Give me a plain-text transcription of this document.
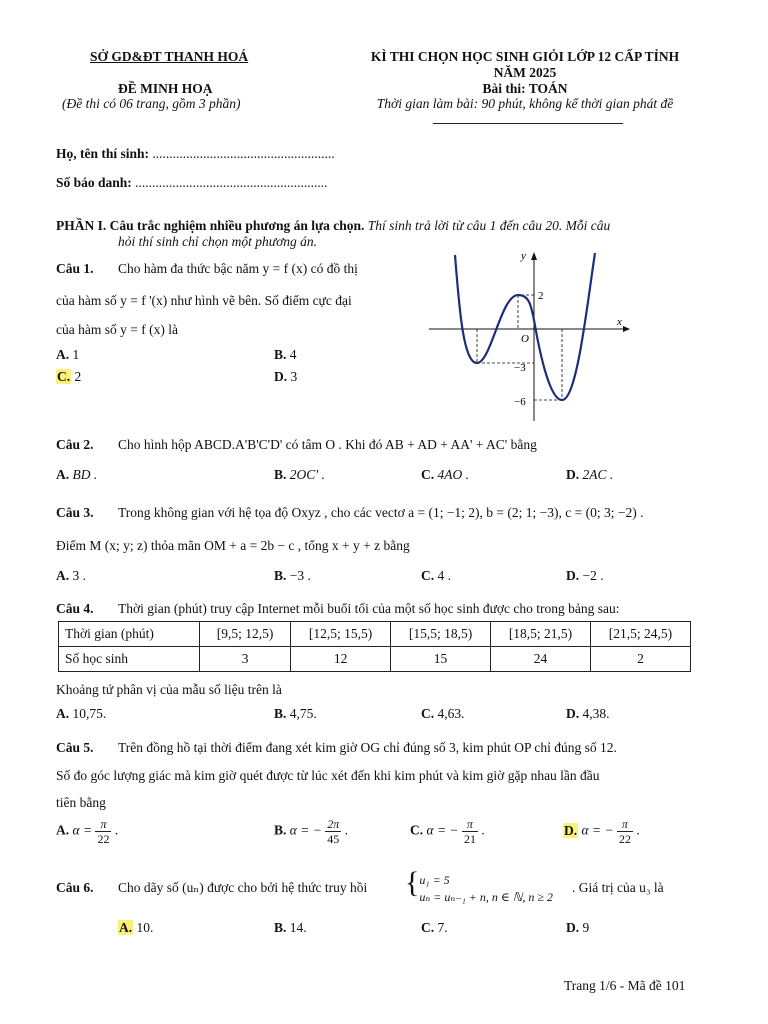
SỞ GD&ĐT THANH HOÁ
ĐỀ MINH HOẠ
(Đề thi có 06 trang, gồm 3 phần)
KÌ THI CHỌN HỌC SINH GIỎI LỚP 12 CẤP TỈNH
NĂM 2025
Bài thi: TOÁN
Thời gian làm bài: 90 phút, không kể thời gian phát đề
Họ, tên thí sinh: ......................................................
Số báo danh: .........................................................
PHẦN I. Câu trắc nghiệm nhiều phương án lựa chọn. Thí sinh trả lời từ câu 1 đến câu 20. Mỗi câu
hỏi thí sinh chỉ chọn một phương án.
Câu 1. Cho hàm đa thức bậc năm y = f (x) có đồ thị
của hàm số y = f '(x) như hình vẽ bên. Số điểm cực đại
của hàm số y = f (x) là
A. 1	B. 4
C. 2	D. 3
y
x
O
2
−3
−6
Câu 2. Cho hình hộp ABCD.A'B'C'D' có tâm O . Khi đó AB + AD + AA' + AC' bằng
A. BD .	B. 2OC' .	C. 4AO .	D. 2AC .
Câu 3. Trong không gian với hệ tọa độ Oxyz , cho các vectơ a = (1; −1; 2), b = (2; 1; −3), c = (0; 3; −2) .
Điểm M (x; y; z) thỏa mãn OM + a = 2b − c , tổng x + y + z bằng
A. 3 .	B. −3 .	C. 4 .	D. −2 .
Câu 4. Thời gian (phút) truy cập Internet mỗi buổi tối của một số học sinh được cho trong bảng sau:
Thời gian (phút)	[9,5; 12,5)	[12,5; 15,5)	[15,5; 18,5)	[18,5; 21,5)	[21,5; 24,5)
Số học sinh	3	12	15	24	2
Khoảng tứ phân vị của mẫu số liệu trên là
A. 10,75.	B. 4,75.	C. 4,63.	D. 4,38.
Câu 5. Trên đồng hồ tại thời điểm đang xét kim giờ OG chỉ đúng số 3, kim phút OP chỉ đúng số 12.
Số đo góc lượng giác mà kim giờ quét được từ lúc xét đến khi kim phút và kim giờ gặp nhau lần đầu
tiên bằng
A. $\alpha = \frac{\pi}{22}$ .	B. α = − $\frac{2\pi}{45}$ .	C. α = − $\frac{\pi}{21}$ .	D. α = − $\frac{\pi}{22}$ .
Câu 6. Cho dãy số (uₙ) được cho bởi hệ thức truy hồi { u₁ = 5
uₙ = uₙ₋₁ + n, n ∈ ℕ, n ≥ 2
. Giá trị của u₃ là
A. 10.	B. 14.	C. 7.	D. 9
Trang 1/6 - Mã đề 101
